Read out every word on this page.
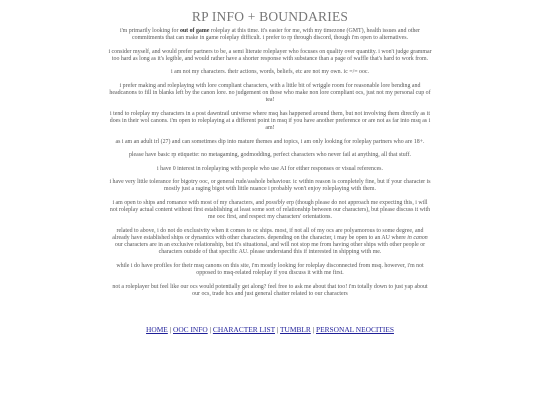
RP INFO + BOUNDARIES

i'm primarily looking for out of game roleplay at this time. it's easier for me, with my timezone (GMT), health issues and other commitments that can make in game roleplay difficult. i prefer to rp through discord, though i'm open to alternatives.

i consider myself, and would prefer partners to be, a semi literate roleplayer who focuses on quality over quantity. i won't judge grammar too hard as long as it's legible, and would rather have a shorter response with substance than a page of waffle that's hard to work from.

i am not my characters. their actions, words, beliefs, etc are not my own. ic =/= ooc.

i prefer making and roleplaying with lore compliant characters, with a little bit of wriggle room for reasonable lore bending and headcanons to fill in blanks left by the canon lore. no judgement on those who make non lore compliant ocs, just not my personal cup of tea!

i tend to roleplay my characters in a post dawntrail universe where msq has happened around them, but not involving them directly as it does in their wol canons. i'm open to roleplaying at a different point in msq if you have another preference or are not as far into msq as i am!

as i am an adult irl (27) and can sometimes dip into mature themes and topics, i am only looking for roleplay partners who are 18+.

please have basic rp etiquette: no metagaming, godmodding, perfect characters who never fail at anything, all that stuff.

i have 0 interest in roleplaying with people who use AI for either responses or visual references.

i have very little tolerance for bigotry ooc, or general rude/asshole behaviour. ic within reason is completely fine, but if your character is mostly just a raging bigot with little nuance i probably won't enjoy roleplaying with them.

i am open to ships and romance with most of my characters, and possibly erp (though please do not approach me expecting this, i will not roleplay actual content without first establishing at least some sort of relationship between our characters), but please discuss it with me ooc first, and respect my characters' orientations.

related to above, i do not do exclusivity when it comes to oc ships. most, if not all of my ocs are polyamorous to some degree, and already have established ships or dynamics with other characters. depending on the character, i may be open to an AU where in canon our characters are in an exclusive relationship, but it's situational, and will not stop me from having other ships with other people or characters outside of that specific AU. please understand this if interested in shipping with me.

while i do have profiles for their msq canons on this site, i'm mostly looking for roleplay disconnected from msq. however, i'm not opposed to msq-related roleplay if you discuss it with me first.

not a roleplayer but feel like our ocs would potentially get along? feel free to ask me about that too! i'm totally down to just yap about our ocs, trade hcs and just general chatter related to our characters

HOME | OOC INFO | CHARACTER LIST | TUMBLR | PERSONAL NEOCITIES
